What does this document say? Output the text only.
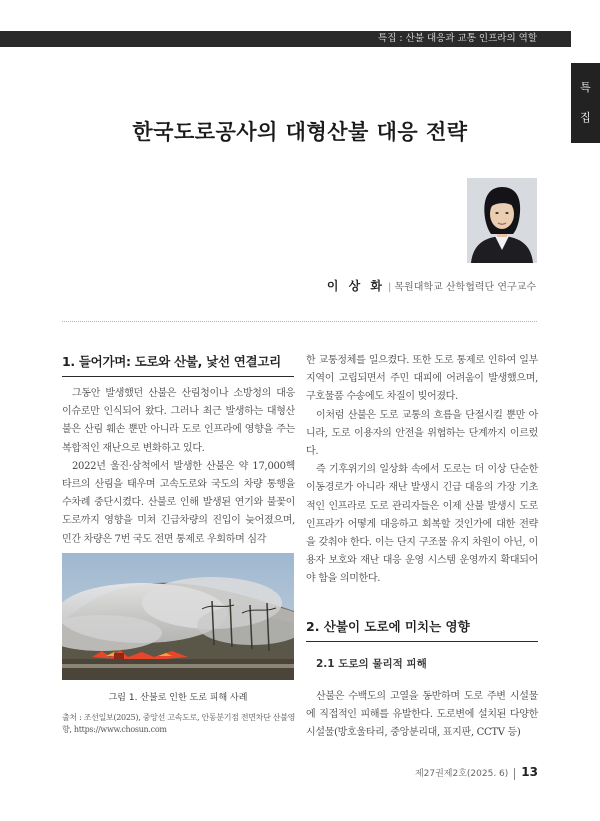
특집 : 산불 대응과 교통 인프라의 역할
특
집
한국도로공사의 대형산불 대응 전략
이 상 화 | 목원대학교 산학협력단 연구교수
1. 들어가며: 도로와 산불, 낯선 연결고리

그동안 발생했던 산불은 산림청이나 소방청의 대응 이슈로만 인식되어 왔다. 그러나 최근 발생하는 대형산불은 산림 훼손 뿐만 아니라 도로 인프라에 영향을 주는 복합적인 재난으로 변화하고 있다.

2022년 울진·삼척에서 발생한 산불은 약 17,000헥타르의 산림을 태우며 고속도로와 국도의 차량 통행을 수차례 중단시켰다. 산불로 인해 발생된 연기와 불꽃이 도로까지 영향을 미쳐 긴급차량의 진입이 늦어졌으며, 민간 차량은 7번 국도 전면 통제로 우회하며 심각

그림 1. 산불로 인한 도로 피해 사례
출처 : 조선일보(2025), 중앙선 고속도로, 안동분기점 전면차단 산불영향, https://www.chosun.com

한 교통정체를 일으켰다. 또한 도로 통제로 인하여 일부 지역이 고립되면서 주민 대피에 어려움이 발생했으며, 구호물품 수송에도 차질이 빚어졌다.

이처럼 산불은 도로 교통의 흐름을 단절시킬 뿐만 아니라, 도로 이용자의 안전을 위협하는 단계까지 이르렀다.

즉 기후위기의 일상화 속에서 도로는 더 이상 단순한 이동경로가 아니라 재난 발생시 긴급 대응의 가장 기초적인 인프라로 도로 관리자들은 이제 산불 발생시 도로 인프라가 어떻게 대응하고 회복할 것인가에 대한 전략을 갖춰야 한다. 이는 단지 구조물 유지 차원이 아닌, 이용자 보호와 재난 대응 운영 시스템 운영까지 확대되어야 함을 의미한다.

2. 산불이 도로에 미치는 영향
2.1 도로의 물리적 피해

산불은 수백도의 고열을 동반하며 도로 주변 시설물에 직접적인 피해를 유발한다. 도로변에 설치된 다양한 시설물(방호울타리, 중앙분리대, 표지판, CCTV 등)

제27권제2호(2025. 6) 13
